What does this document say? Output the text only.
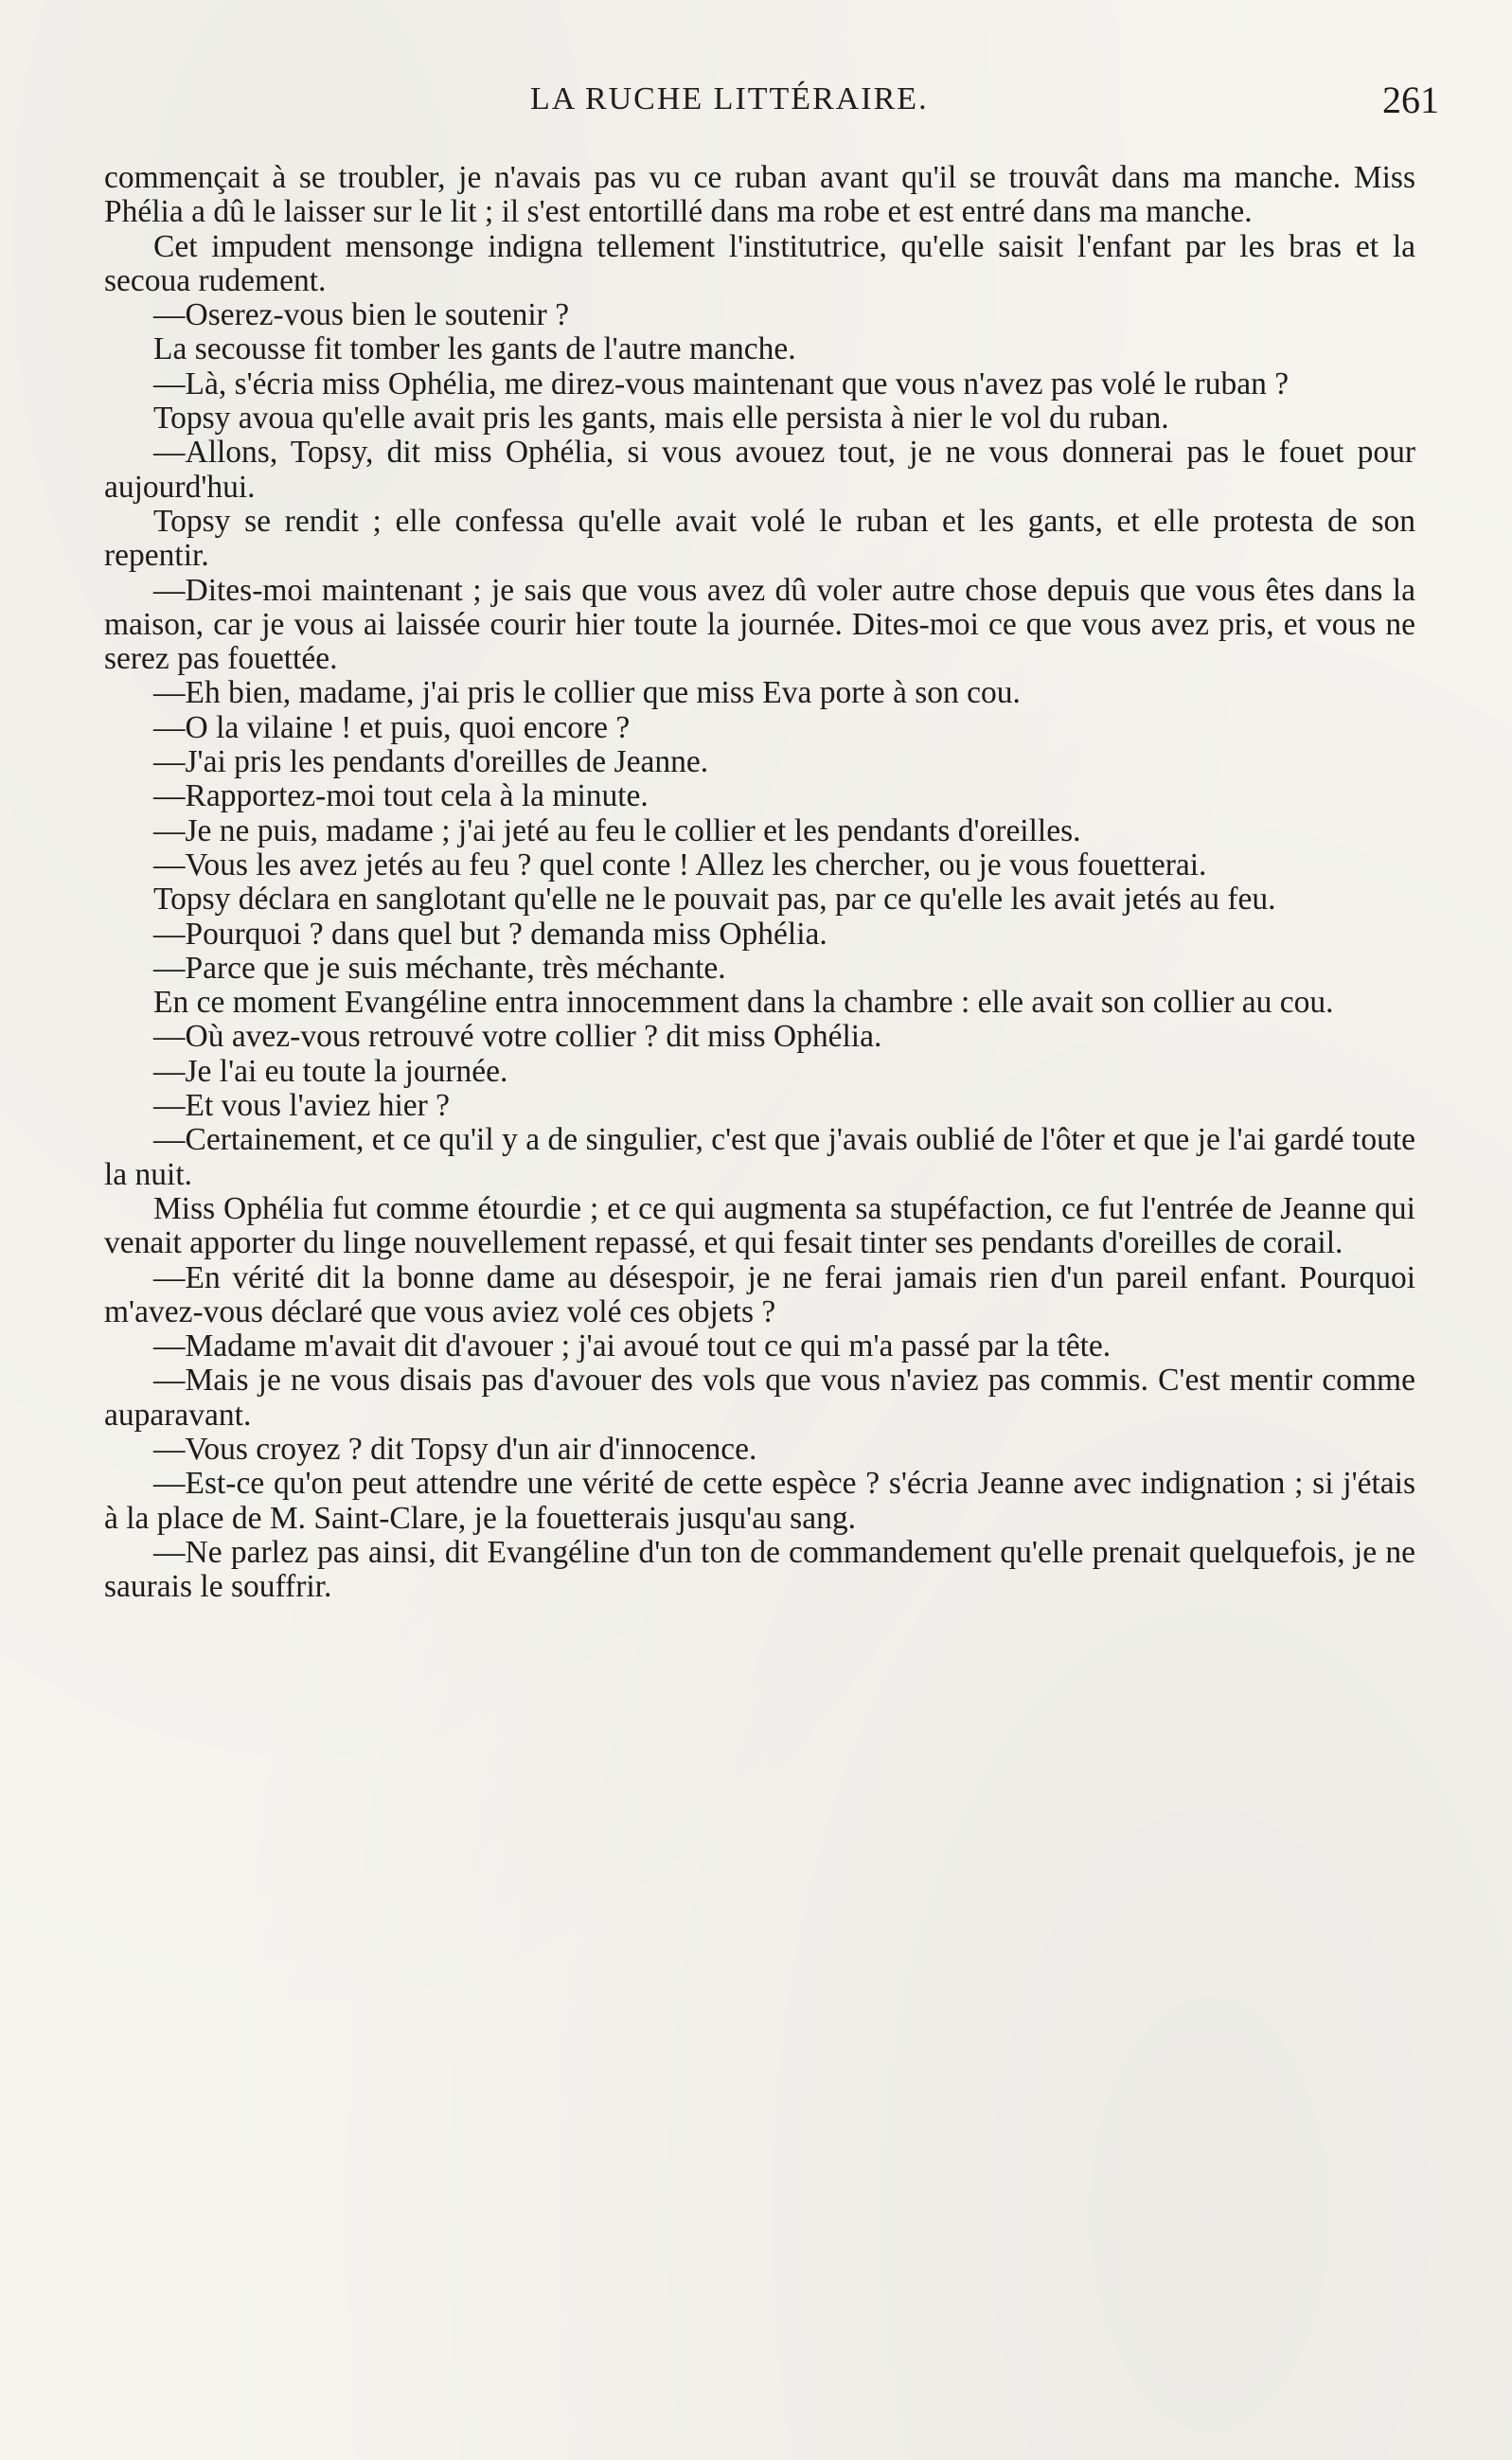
LA RUCHE LITTÉRAIRE.	261

commençait à se troubler, je n'avais pas vu ce ruban avant qu'il se trouvât dans ma manche. Miss Phélia a dû le laisser sur le lit ; il s'est entortillé dans ma robe et est entré dans ma manche.

Cet impudent mensonge indigna tellement l'institutrice, qu'elle saisit l'enfant par les bras et la secoua rudement.

—Oserez-vous bien le soutenir ?

La secousse fit tomber les gants de l'autre manche.

—Là, s'écria miss Ophélia, me direz-vous maintenant que vous n'avez pas volé le ruban ?

Topsy avoua qu'elle avait pris les gants, mais elle persista à nier le vol du ruban.

—Allons, Topsy, dit miss Ophélia, si vous avouez tout, je ne vous donnerai pas le fouet pour aujourd'hui.

Topsy se rendit ; elle confessa qu'elle avait volé le ruban et les gants, et elle protesta de son repentir.

—Dites-moi maintenant ; je sais que vous avez dû voler autre chose depuis que vous êtes dans la maison, car je vous ai laissée courir hier toute la journée. Dites-moi ce que vous avez pris, et vous ne serez pas fouettée.

—Eh bien, madame, j'ai pris le collier que miss Eva porte à son cou.

—O la vilaine ! et puis, quoi encore ?

—J'ai pris les pendants d'oreilles de Jeanne.

—Rapportez-moi tout cela à la minute.

—Je ne puis, madame ; j'ai jeté au feu le collier et les pendants d'oreilles.

—Vous les avez jetés au feu ? quel conte ! Allez les chercher, ou je vous fouetterai.

Topsy déclara en sanglotant qu'elle ne le pouvait pas, par ce qu'elle les avait jetés au feu.

—Pourquoi ? dans quel but ? demanda miss Ophélia.

—Parce que je suis méchante, très méchante.

En ce moment Evangéline entra innocemment dans la chambre : elle avait son collier au cou.

—Où avez-vous retrouvé votre collier ? dit miss Ophélia.

—Je l'ai eu toute la journée.

—Et vous l'aviez hier ?

—Certainement, et ce qu'il y a de singulier, c'est que j'avais oublié de l'ôter et que je l'ai gardé toute la nuit.

Miss Ophélia fut comme étourdie ; et ce qui augmenta sa stupéfaction, ce fut l'entrée de Jeanne qui venait apporter du linge nouvellement repassé, et qui fesait tinter ses pendants d'oreilles de corail.

—En vérité dit la bonne dame au désespoir, je ne ferai jamais rien d'un pareil enfant. Pourquoi m'avez-vous déclaré que vous aviez volé ces objets ?

—Madame m'avait dit d'avouer ; j'ai avoué tout ce qui m'a passé par la tête.

—Mais je ne vous disais pas d'avouer des vols que vous n'aviez pas commis. C'est mentir comme auparavant.

—Vous croyez ? dit Topsy d'un air d'innocence.

—Est-ce qu'on peut attendre une vérité de cette espèce ? s'écria Jeanne avec indignation ; si j'étais à la place de M. Saint-Clare, je la fouetterais jusqu'au sang.

—Ne parlez pas ainsi, dit Evangéline d'un ton de commandement qu'elle prenait quelquefois, je ne saurais le souffrir.
